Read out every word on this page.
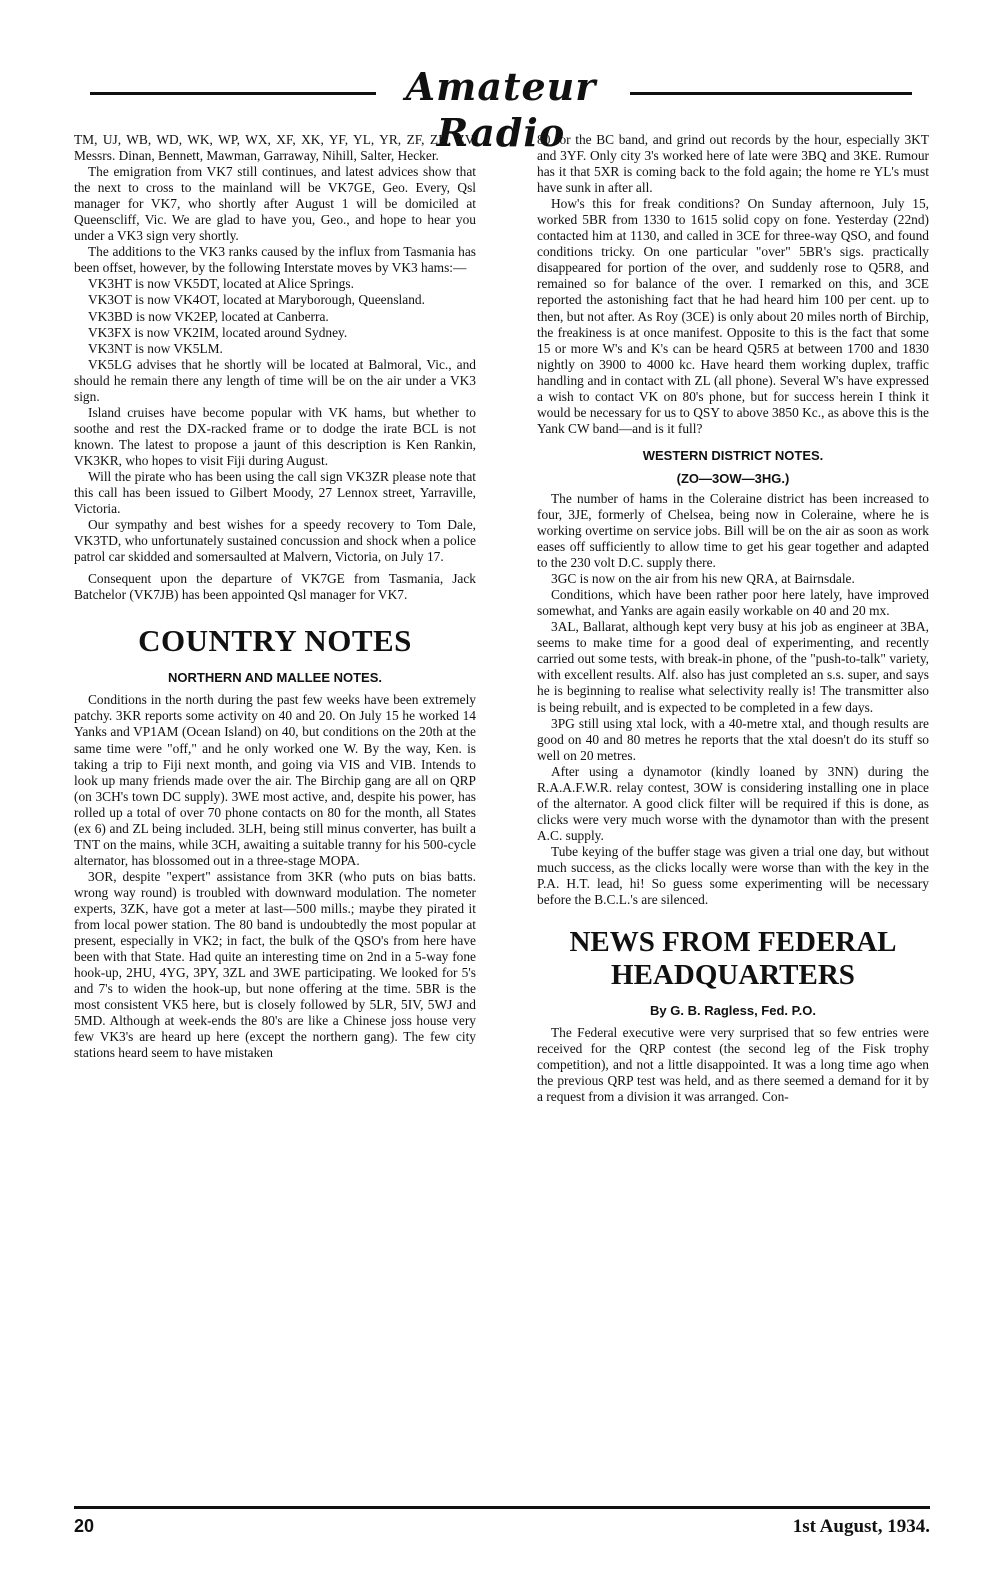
Amateur Radio

TM, UJ, WB, WD, WK, WP, WX, XF, XK, YF, YL, YR, ZF, ZK, ZV, Messrs. Dinan, Bennett, Mawman, Garraway, Nihill, Salter, Hecker.

The emigration from VK7 still continues, and latest advices show that the next to cross to the mainland will be VK7GE, Geo. Every, Qsl manager for VK7, who shortly after August 1 will be domiciled at Queenscliff, Vic. We are glad to have you, Geo., and hope to hear you under a VK3 sign very shortly.

The additions to the VK3 ranks caused by the influx from Tasmania has been offset, however, by the following Interstate moves by VK3 hams:—

VK3HT is now VK5DT, located at Alice Springs.

VK3OT is now VK4OT, located at Maryborough, Queensland.

VK3BD is now VK2EP, located at Canberra.

VK3FX is now VK2IM, located around Sydney.

VK3NT is now VK5LM.

VK5LG advises that he shortly will be located at Balmoral, Vic., and should he remain there any length of time will be on the air under a VK3 sign.

Island cruises have become popular with VK hams, but whether to soothe and rest the DX-racked frame or to dodge the irate BCL is not known. The latest to propose a jaunt of this description is Ken Rankin, VK3KR, who hopes to visit Fiji during August.

Will the pirate who has been using the call sign VK3ZR please note that this call has been issued to Gilbert Moody, 27 Lennox street, Yarraville, Victoria.

Our sympathy and best wishes for a speedy recovery to Tom Dale, VK3TD, who unfortunately sustained concussion and shock when a police patrol car skidded and somersaulted at Malvern, Victoria, on July 17.

Consequent upon the departure of VK7GE from Tasmania, Jack Batchelor (VK7JB) has been appointed Qsl manager for VK7.

COUNTRY NOTES
NORTHERN AND MALLEE NOTES.

Conditions in the north during the past few weeks have been extremely patchy. 3KR reports some activity on 40 and 20. On July 15 he worked 14 Yanks and VP1AM (Ocean Island) on 40, but conditions on the 20th at the same time were "off," and he only worked one W. By the way, Ken. is taking a trip to Fiji next month, and going via VIS and VIB. Intends to look up many friends made over the air. The Birchip gang are all on QRP (on 3CH's town DC supply). 3WE most active, and, despite his power, has rolled up a total of over 70 phone contacts on 80 for the month, all States (ex 6) and ZL being included. 3LH, being still minus converter, has built a TNT on the mains, while 3CH, awaiting a suitable tranny for his 500-cycle alternator, has blossomed out in a three-stage MOPA.

3OR, despite "expert" assistance from 3KR (who puts on bias batts. wrong way round) is troubled with downward modulation. The nometer experts, 3ZK, have got a meter at last—500 mills.; maybe they pirated it from local power station. The 80 band is undoubtedly the most popular at present, especially in VK2; in fact, the bulk of the QSO's from here have been with that State. Had quite an interesting time on 2nd in a 5-way fone hook-up, 2HU, 4YG, 3PY, 3ZL and 3WE participating. We looked for 5's and 7's to widen the hook-up, but none offering at the time. 5BR is the most consistent VK5 here, but is closely followed by 5LR, 5IV, 5WJ and 5MD. Although at week-ends the 80's are like a Chinese joss house very few VK3's are heard up here (except the northern gang). The few city stations heard seem to have mistaken

80 for the BC band, and grind out records by the hour, especially 3KT and 3YF. Only city 3's worked here of late were 3BQ and 3KE. Rumour has it that 5XR is coming back to the fold again; the home re YL's must have sunk in after all.

How's this for freak conditions? On Sunday afternoon, July 15, worked 5BR from 1330 to 1615 solid copy on fone. Yesterday (22nd) contacted him at 1130, and called in 3CE for three-way QSO, and found conditions tricky. On one particular "over" 5BR's sigs. practically disappeared for portion of the over, and suddenly rose to Q5R8, and remained so for balance of the over. I remarked on this, and 3CE reported the astonishing fact that he had heard him 100 per cent. up to then, but not after. As Roy (3CE) is only about 20 miles north of Birchip, the freakiness is at once manifest. Opposite to this is the fact that some 15 or more W's and K's can be heard Q5R5 at between 1700 and 1830 nightly on 3900 to 4000 kc. Have heard them working duplex, traffic handling and in contact with ZL (all phone). Several W's have expressed a wish to contact VK on 80's phone, but for success herein I think it would be necessary for us to QSY to above 3850 Kc., as above this is the Yank CW band—and is it full?

WESTERN DISTRICT NOTES.
(ZO—3OW—3HG.)

The number of hams in the Coleraine district has been increased to four, 3JE, formerly of Chelsea, being now in Coleraine, where he is working overtime on service jobs. Bill will be on the air as soon as work eases off sufficiently to allow time to get his gear together and adapted to the 230 volt D.C. supply there.

3GC is now on the air from his new QRA, at Bairnsdale.

Conditions, which have been rather poor here lately, have improved somewhat, and Yanks are again easily workable on 40 and 20 mx.

3AL, Ballarat, although kept very busy at his job as engineer at 3BA, seems to make time for a good deal of experimenting, and recently carried out some tests, with break-in phone, of the "push-to-talk" variety, with excellent results. Alf. also has just completed an s.s. super, and says he is beginning to realise what selectivity really is! The transmitter also is being rebuilt, and is expected to be completed in a few days.

3PG still using xtal lock, with a 40-metre xtal, and though results are good on 40 and 80 metres he reports that the xtal doesn't do its stuff so well on 20 metres.

After using a dynamotor (kindly loaned by 3NN) during the R.A.A.F.W.R. relay contest, 3OW is considering installing one in place of the alternator. A good click filter will be required if this is done, as clicks were very much worse with the dynamotor than with the present A.C. supply.

Tube keying of the buffer stage was given a trial one day, but without much success, as the clicks locally were worse than with the key in the P.A. H.T. lead, hi! So guess some experimenting will be necessary before the B.C.L.'s are silenced.

NEWS FROM FEDERAL
HEADQUARTERS
By G. B. Ragless, Fed. P.O.

The Federal executive were very surprised that so few entries were received for the QRP contest (the second leg of the Fisk trophy competition), and not a little disappointed. It was a long time ago when the previous QRP test was held, and as there seemed a demand for it by a request from a division it was arranged. Con-

20	1st August, 1934.
